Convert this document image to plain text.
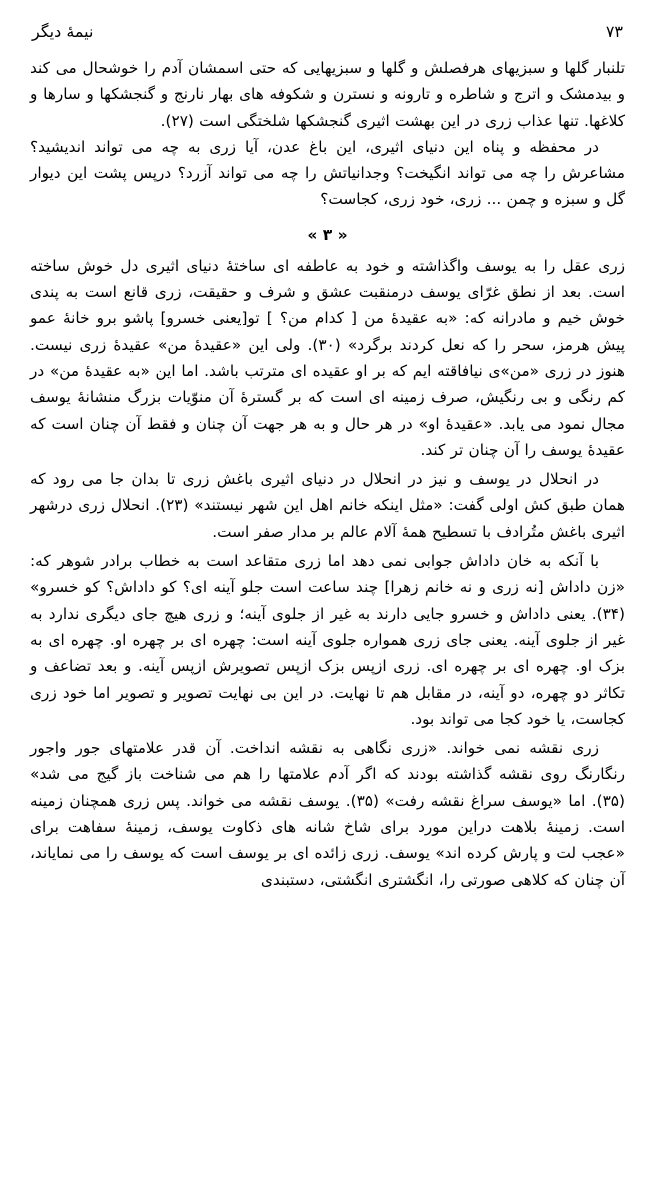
نیمهٔ دیگر	۷۳

تلنبار گلها و سبزیهای هرفصلش و گلها و سبزیهایی که حتی اسمشان آدم را خوشحال می کند و بیدمشک و اترج و شاطره و تارونه و نسترن و شکوفه های بهار نارنج و گنجشکها و سارها و کلاغها. تنها عذاب زری در این بهشت اثیری گنجشکها شلختگی است (۲۷).

در محفظه و پناه این دنیای اثیری، این باغ عدن، آیا زری به چه می تواند اندیشید؟ مشاعرش را چه می تواند انگیخت؟ وجدانیاتش را چه می تواند آزرد؟ درپس پشت این دیوار گل و سبزه و چمن ... زری، خود زری، کجاست؟

« ۳ »

زری عقل را به یوسف واگذاشته و خود به عاطفه ای ساختهٔ دنیای اثیری دل خوش ساخته است. بعد از نطق غرّای یوسف درمنقبت عشق و شرف و حقیقت، زری قانع است به پندی خوش خیم و مادرانه که: «به عقیدهٔ من [ کدام من؟ ] تو[یعنی خسرو] پاشو برو خانهٔ عمو پیش هرمز، سحر را که نعل کردند برگرد» (۳۰). ولی این «عقیدهٔ من» عقیدهٔ زری نیست. هنوز در زری «من»ی نیافاقته ایم که بر او عقیده ای مترتب باشد. اما این «به عقیدهٔ من» در کم رنگی و بی رنگیش، صرف زمینه ای است که بر گسترهٔ آن منوّیات بزرگ منشانهٔ یوسف مجال نمود می یابد. «عقیدهٔ او» در هر حال و به هر جهت آن چنان و فقط آن چنان است که عقیدهٔ یوسف را آن چنان تر کند.

در انحلال در یوسف و نیز در انحلال در دنیای اثیری باغش زری تا بدان جا می رود که همان طبق کش اولی گفت: «مثل اینکه خانم اهل این شهر نیستند» (۲۳). انحلال زری درشهر اثیری باغش متُرادف با تسطیح همهٔ آلام عالم بر مدار صفر است.

با آنکه به خان داداش جوابی نمی دهد اما زری متقاعد است به خطاب برادر شوهر که: «زن داداش [نه زری و نه خانم زهرا] چند ساعت است جلو آینه ای؟ کو داداش؟ کو خسرو» (۳۴). یعنی داداش و خسرو جایی دارند به غیر از جلوی آینه؛ و زری هیچ جای دیگری ندارد به غیر از جلوی آینه. یعنی جای زری همواره جلوی آینه است: چهره ای بر چهره او. چهره ای به بزک او. چهره ای بر چهره ای. زری ازپس بزک ازپس تصویرش ازپس آینه. و بعد تضاعف و تکاثر دو چهره، دو آینه، در مقابل هم تا نهایت. در این بی نهایت تصویر و تصویر اما خود زری کجاست، یا خود کجا می تواند بود.

زری نقشه نمی خواند. «زری نگاهی به نقشه انداخت. آن قدر علامتهای جور واجور رنگارنگ روی نقشه گذاشته بودند که اگر آدم علامتها را هم می شناخت باز گیج می شد» (۳۵). اما «یوسف سراغ نقشه رفت» (۳۵). یوسف نقشه می خواند. پس زری همچنان زمینه است. زمینهٔ بلاهت دراین مورد برای شاخ شانه های ذکاوت یوسف، زمینهٔ سفاهت برای «عجب لت و پارش کرده اند» یوسف. زری زائده ای بر یوسف است که یوسف را می نمایاند، آن چنان که کلاهی صورتی را، انگشتری انگشتی، دستبندی
